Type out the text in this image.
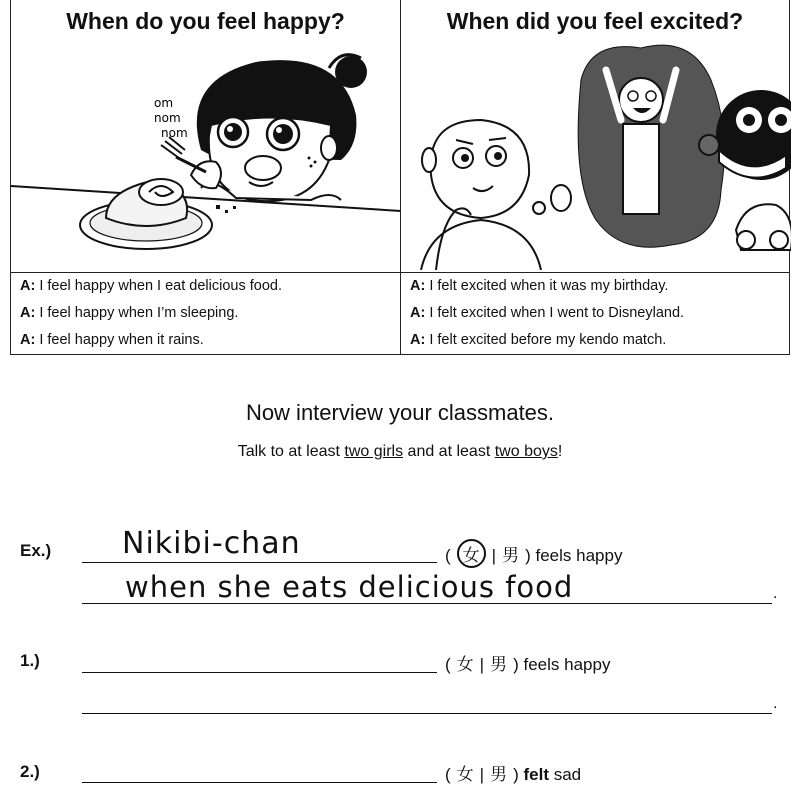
When do you feel happy?
om
nom
nom
A: I feel happy when I eat delicious food.
A: I feel happy when I’m sleeping.
A: I feel happy when it rains.
When did you feel excited?
A: I felt excited when it was my birthday.
A: I felt excited when I went to Disneyland.
A: I felt excited before my kendo match.
Now interview your classmates.
Talk to at least two girls and at least two boys!
Ex.) Nikibi-chan	( 女 | 男 ) feels happy
.
when she eats delicious food
1.)	( 女 | 男 ) feels happy
.
2.)	( 女 | 男 ) felt sad
